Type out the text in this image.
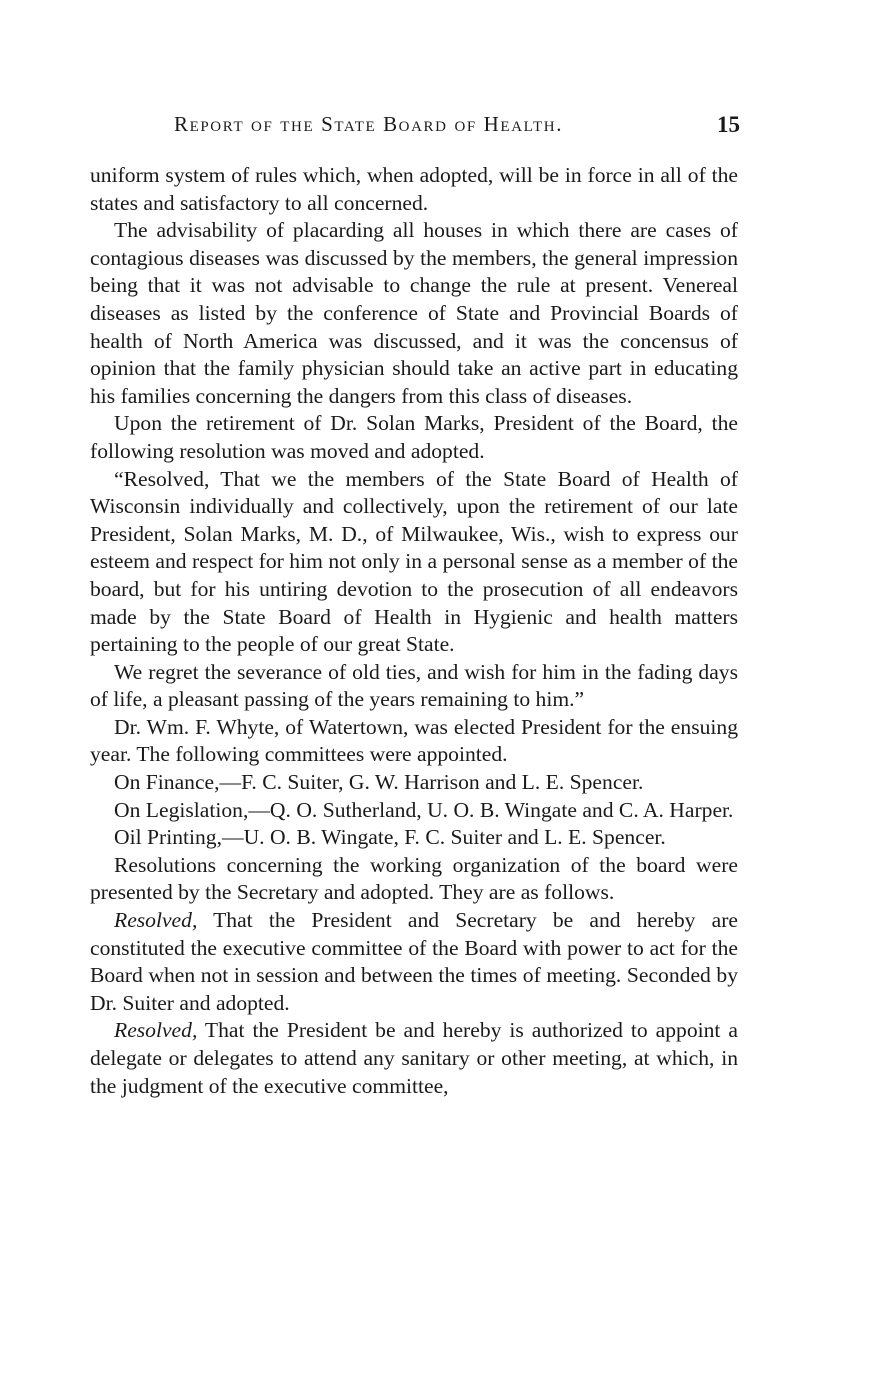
Report of the State Board of Health.	15

uniform system of rules which, when adopted, will be in force in all of the states and satisfactory to all concerned.

The advisability of placarding all houses in which there are cases of contagious diseases was discussed by the members, the general impression being that it was not advisable to change the rule at present. Venereal diseases as listed by the conference of State and Provincial Boards of health of North America was discussed, and it was the concensus of opinion that the family physician should take an active part in educating his families concerning the dangers from this class of diseases.

Upon the retirement of Dr. Solan Marks, President of the Board, the following resolution was moved and adopted.

“Resolved, That we the members of the State Board of Health of Wisconsin individually and collectively, upon the retirement of our late President, Solan Marks, M. D., of Milwaukee, Wis., wish to express our esteem and respect for him not only in a personal sense as a member of the board, but for his untiring devotion to the prosecution of all endeavors made by the State Board of Health in Hygienic and health matters pertaining to the people of our great State.

We regret the severance of old ties, and wish for him in the fading days of life, a pleasant passing of the years remaining to him.”

Dr. Wm. F. Whyte, of Watertown, was elected President for the ensuing year. The following committees were appointed.

On Finance,—F. C. Suiter, G. W. Harrison and L. E. Spencer.

On Legislation,—Q. O. Sutherland, U. O. B. Wingate and C. A. Harper.

Oil Printing,—U. O. B. Wingate, F. C. Suiter and L. E. Spencer.

Resolutions concerning the working organization of the board were presented by the Secretary and adopted. They are as follows.

Resolved, That the President and Secretary be and hereby are constituted the executive committee of the Board with power to act for the Board when not in session and between the times of meeting. Seconded by Dr. Suiter and adopted.

Resolved, That the President be and hereby is authorized to appoint a delegate or delegates to attend any sanitary or other meeting, at which, in the judgment of the executive committee,
